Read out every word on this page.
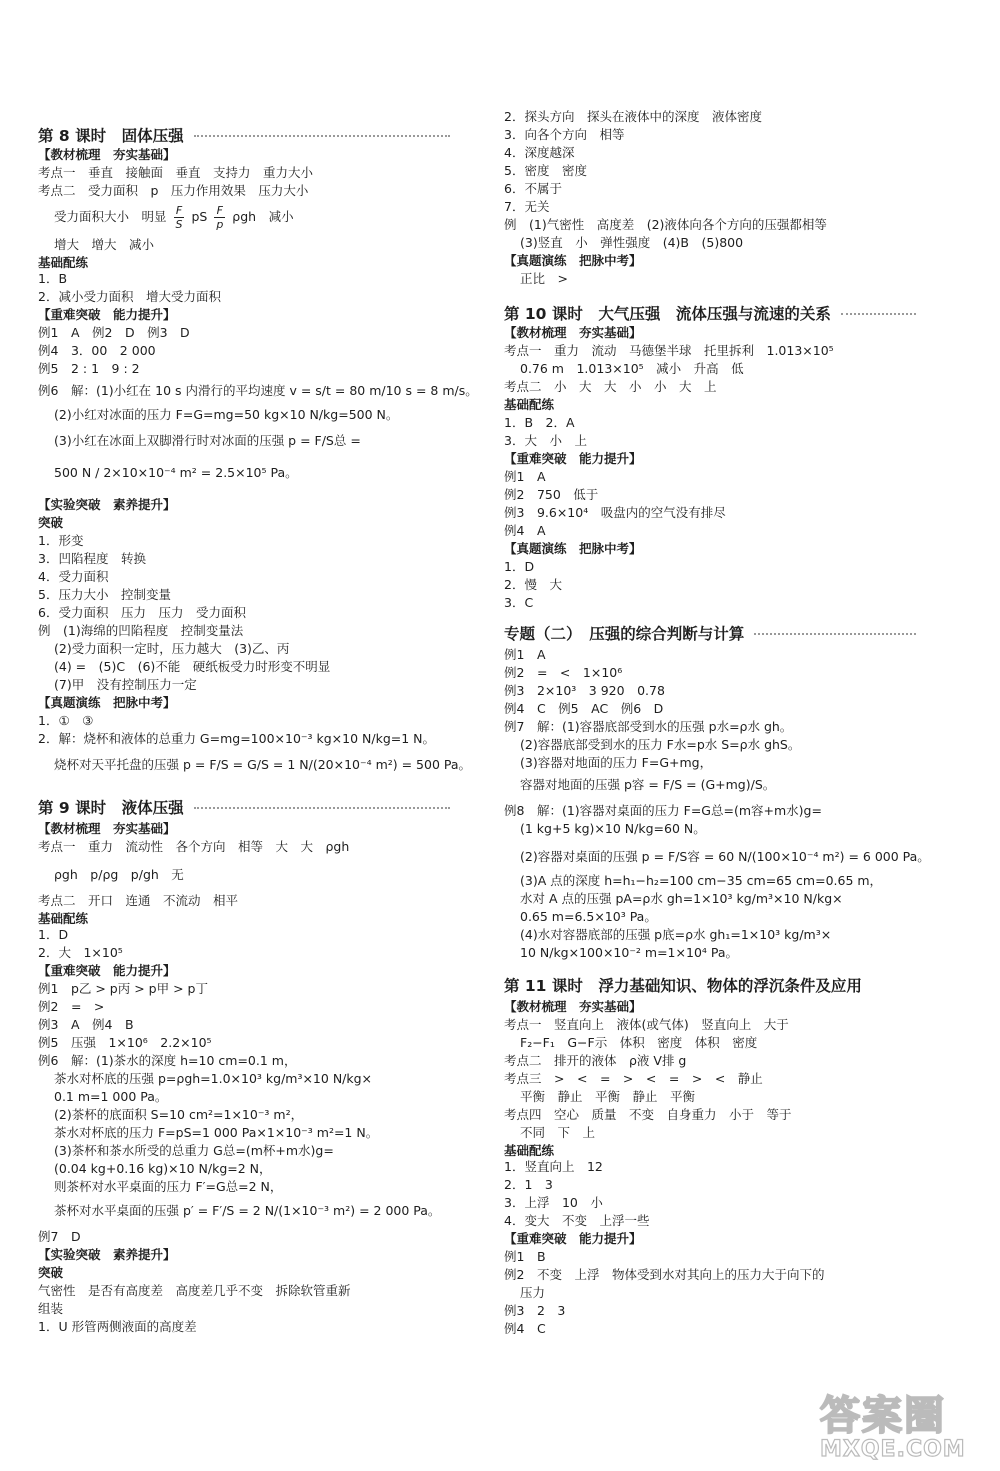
第 8 课时　固体压强
【教材梳理　夯实基础】
考点一　垂直　接触面　垂直　支持力　重力大小
考点二　受力面积　p　压力作用效果　压力大小
受力面积大小　明显 $\frac{F}{S}$ pS $\frac{F}{p}$ ρgh　减小
增大　增大　减小
基础配练
1．B
2．减小受力面积　增大受力面积
【重难突破　能力提升】
例1　A　例2　D　例3　D
例4　3．00　2 000
例5　2 : 1　9 : 2
例6　解：(1)小红在 10 s 内滑行的平均速度 v = s/t = 80 m/10 s = 8 m/s。
(2)小红对冰面的压力 F=G=mg=50 kg×10 N/kg=500 N。
(3)小红在冰面上双脚滑行时对冰面的压强 p = F/S总 =
500 N / 2×10×10⁻⁴ m² = 2.5×10⁵ Pa。
【实验突破　素养提升】
突破
1．形变
3．凹陷程度　转换
4．受力面积
5．压力大小　控制变量
6．受力面积　压力　压力　受力面积
例　(1)海绵的凹陷程度　控制变量法
(2)受力面积一定时，压力越大　(3)乙、丙
(4) =　(5)C　(6)不能　硬纸板受力时形变不明显
(7)甲　没有控制压力一定
【真题演练　把脉中考】
1．①　③
2．解：烧杯和液体的总重力 G=mg=100×10⁻³ kg×10 N/kg=1 N。
烧杯对天平托盘的压强 p = F/S = G/S = 1 N/(20×10⁻⁴ m²) = 500 Pa。
第 9 课时　液体压强
【教材梳理　夯实基础】
考点一　重力　流动性　各个方向　相等　大　大　ρgh
ρgh　p/ρg　p/gh　无
考点二　开口　连通　不流动　相平
基础配练
1．D
2．大　1×10⁵
【重难突破　能力提升】
例1　p乙 > p丙 > p甲 > p丁
例2　=　>
例3　A　例4　B
例5　压强　1×10⁶　2.2×10⁵
例6　解：(1)茶水的深度 h=10 cm=0.1 m，
茶水对杯底的压强 p=ρgh=1.0×10³ kg/m³×10 N/kg×
0.1 m=1 000 Pa。
(2)茶杯的底面积 S=10 cm²=1×10⁻³ m²，
茶水对杯底的压力 F=pS=1 000 Pa×1×10⁻³ m²=1 N。
(3)茶杯和茶水所受的总重力 G总=(m杯+m水)g=
(0.04 kg+0.16 kg)×10 N/kg=2 N，
则茶杯对水平桌面的压力 F′=G总=2 N，
茶杯对水平桌面的压强 p′ = F′/S = 2 N/(1×10⁻³ m²) = 2 000 Pa。
例7　D
【实验突破　素养提升】
突破
气密性　是否有高度差　高度差几乎不变　拆除软管重新
组装
1．U 形管两侧液面的高度差
2．探头方向　探头在液体中的深度　液体密度
3．向各个方向　相等
4．深度越深
5．密度　密度
6．不属于
7．无关
例　(1)气密性　高度差　(2)液体向各个方向的压强都相等
(3)竖直　小　弹性强度　(4)B　(5)800
【真题演练　把脉中考】
正比　>
第 10 课时　大气压强　流体压强与流速的关系
【教材梳理　夯实基础】
考点一　重力　流动　马德堡半球　托里拆利　1.013×10⁵
0.76 m　1.013×10⁵　减小　升高　低
考点二　小　大　大　小　小　大　上
基础配练
1．B　2．A
3．大　小　上
【重难突破　能力提升】
例1　A
例2　750　低于
例3　9.6×10⁴　吸盘内的空气没有排尽
例4　A
【真题演练　把脉中考】
1．D
2．慢　大
3．C
专题（二）　压强的综合判断与计算
例1　A
例2　=　<　1×10⁶
例3　2×10³　3 920　0.78
例4　C　例5　AC　例6　D
例7　解：(1)容器底部受到水的压强 p水=ρ水 gh。
(2)容器底部受到水的压力 F水=p水 S=ρ水 ghS。
(3)容器对地面的压力 F=G+mg，
容器对地面的压强 p容 = F/S = (G+mg)/S。
例8　解：(1)容器对桌面的压力 F=G总=(m容+m水)g=
(1 kg+5 kg)×10 N/kg=60 N。
(2)容器对桌面的压强 p = F/S容 = 60 N/(100×10⁻⁴ m²) = 6 000 Pa。
(3)A 点的深度 h=h₁−h₂=100 cm−35 cm=65 cm=0.65 m，
水对 A 点的压强 pA=ρ水 gh=1×10³ kg/m³×10 N/kg×
0.65 m=6.5×10³ Pa。
(4)水对容器底部的压强 p底=ρ水 gh₁=1×10³ kg/m³×
10 N/kg×100×10⁻² m=1×10⁴ Pa。
第 11 课时　浮力基础知识、物体的浮沉条件及应用
【教材梳理　夯实基础】
考点一　竖直向上　液体(或气体)　竖直向上　大于
F₂−F₁　G−F示　体积　密度　体积　密度
考点二　排开的液体　ρ液 V排 g
考点三　>　<　=　>　<　=　>　<　静止
平衡　静止　平衡　静止　平衡
考点四　空心　质量　不变　自身重力　小于　等于
不同　下　上
基础配练
1．竖直向上　12
2．1　3
3．上浮　10　小
4．变大　不变　上浮一些
【重难突破　能力提升】
例1　B
例2　不变　上浮　物体受到水对其向上的压力大于向下的
压力
例3　2　3
例4　C
答案圈
MXQE.COM
